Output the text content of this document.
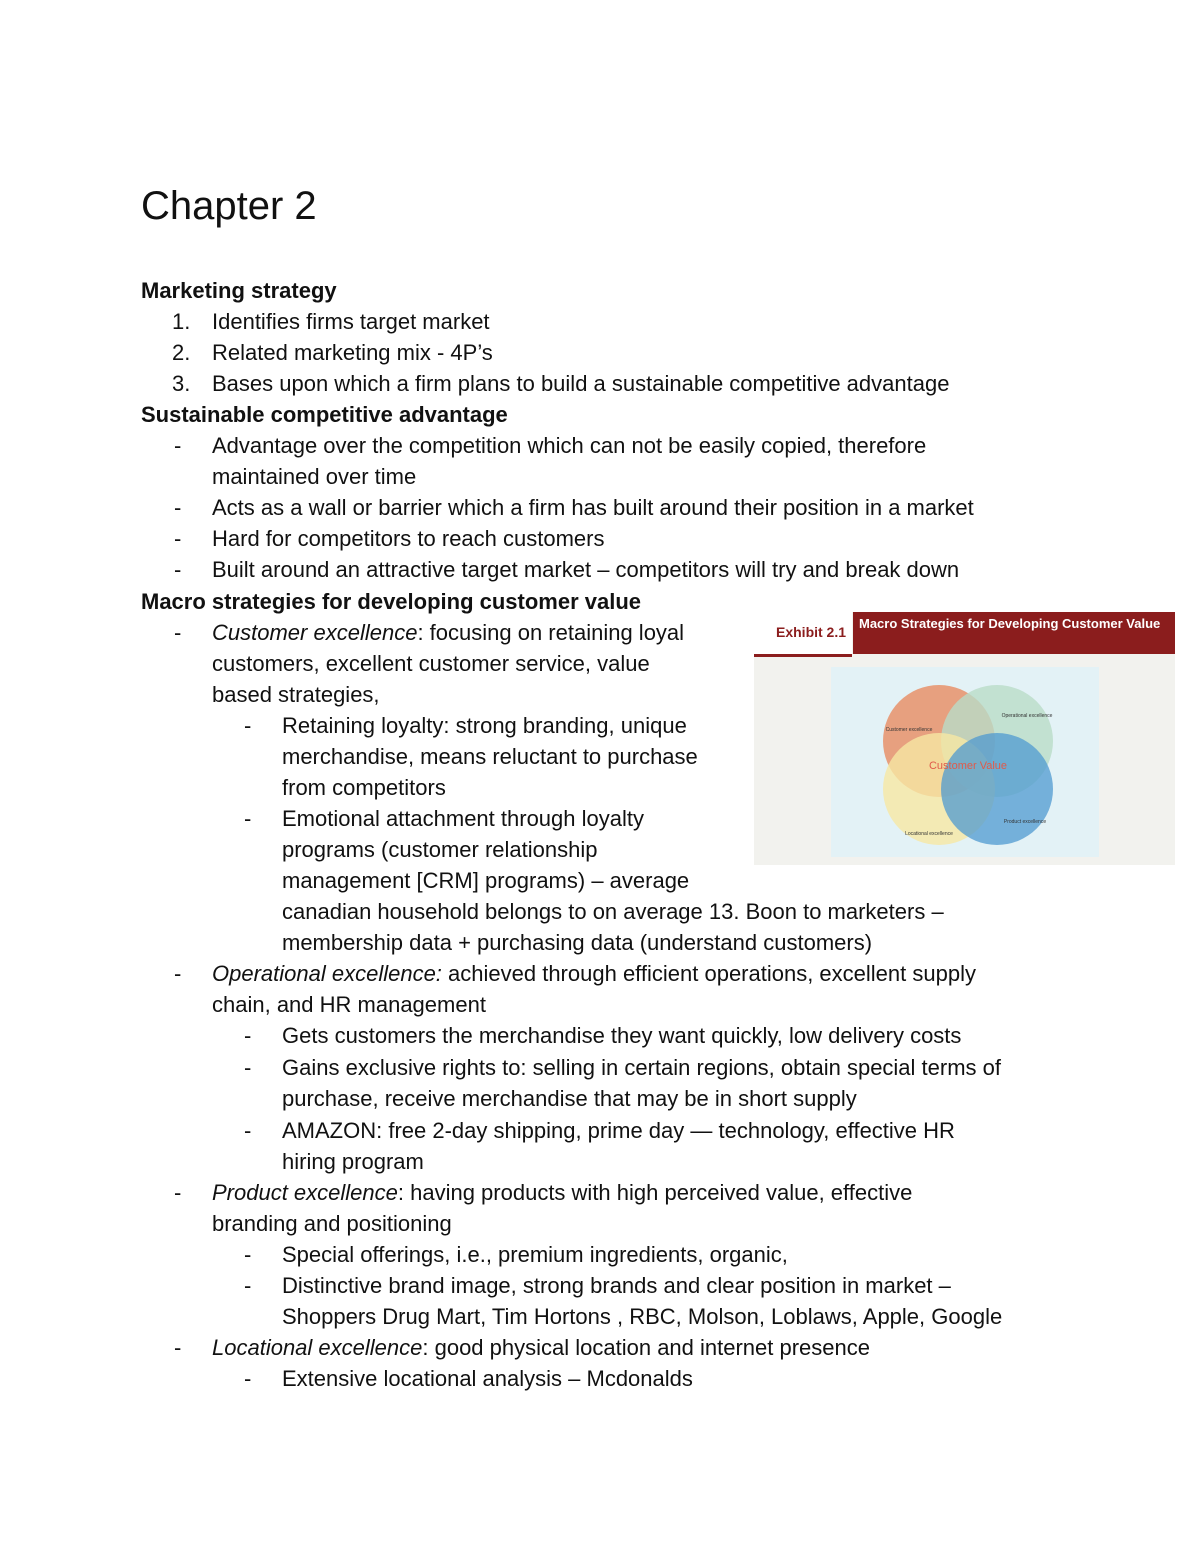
Chapter 2
Marketing strategy
1. Identifies firms target market
2. Related marketing mix - 4P’s
3. Bases upon which a firm plans to build a sustainable competitive advantage
Sustainable competitive advantage
- Advantage over the competition which can not be easily copied, therefore
maintained over time
- Acts as a wall or barrier which a firm has built around their position in a market
- Hard for competitors to reach customers
- Built around an attractive target market – competitors will try and break down
Macro strategies for developing customer value
- Customer excellence: focusing on retaining loyal
customers, excellent customer service, value
based strategies,
- Retaining loyalty: strong branding, unique
merchandise, means reluctant to purchase
from competitors
- Emotional attachment through loyalty
programs (customer relationship
management [CRM] programs) – average
canadian household belongs to on average 13. Boon to marketers –
membership data + purchasing data (understand customers)
- Operational excellence: achieved through efficient operations, excellent supply
chain, and HR management
- Gets customers the merchandise they want quickly, low delivery costs
- Gains exclusive rights to: selling in certain regions, obtain special terms of
purchase, receive merchandise that may be in short supply
- AMAZON: free 2-day shipping, prime day — technology, effective HR
hiring program
- Product excellence: having products with high perceived value, effective
branding and positioning
- Special offerings, i.e., premium ingredients, organic,
- Distinctive brand image, strong brands and clear position in market –
Shoppers Drug Mart, Tim Hortons , RBC, Molson, Loblaws, Apple, Google
- Locational excellence: good physical location and internet presence
- Extensive locational analysis – Mcdonalds
Exhibit 2.1
Macro Strategies for Developing Customer Value
Customer Value
Customer excellence
Operational excellence
Product excellence
Locational excellence
